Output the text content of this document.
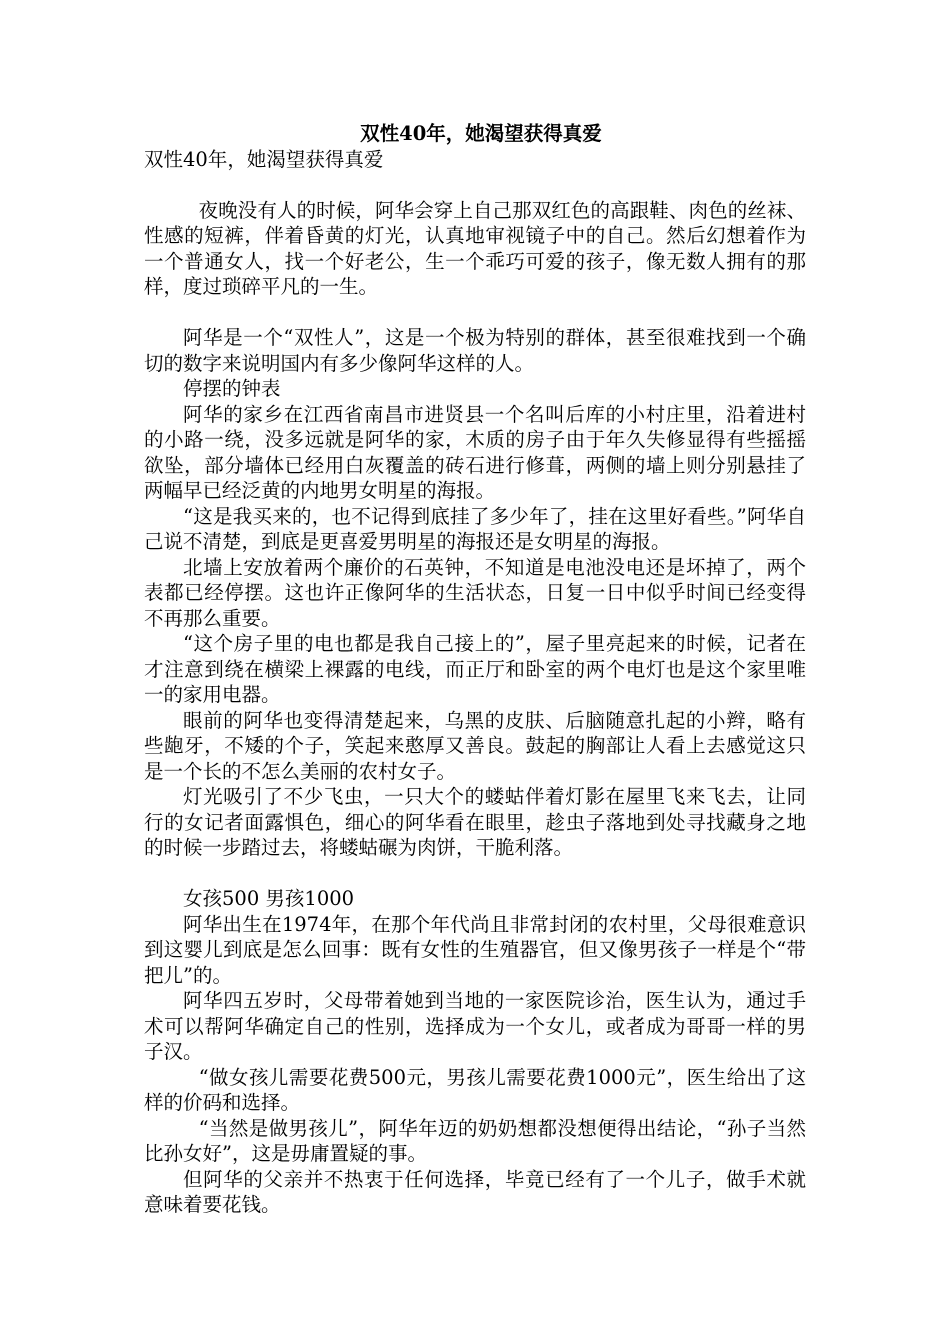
双性40年，她渴望获得真爱
双性40年，她渴望获得真爱

夜晚没有人的时候，阿华会穿上自己那双红色的高跟鞋、肉色的丝袜、性感的短裤，伴着昏黄的灯光，认真地审视镜子中的自己。然后幻想着作为一个普通女人，找一个好老公，生一个乖巧可爱的孩子，像无数人拥有的那样，度过琐碎平凡的一生。

阿华是一个“双性人”，这是一个极为特别的群体，甚至很难找到一个确切的数字来说明国内有多少像阿华这样的人。

停摆的钟表

阿华的家乡在江西省南昌市进贤县一个名叫后库的小村庄里，沿着进村的小路一绕，没多远就是阿华的家，木质的房子由于年久失修显得有些摇摇欲坠，部分墙体已经用白灰覆盖的砖石进行修葺，两侧的墙上则分别悬挂了两幅早已经泛黄的内地男女明星的海报。

“这是我买来的，也不记得到底挂了多少年了，挂在这里好看些。”阿华自己说不清楚，到底是更喜爱男明星的海报还是女明星的海报。

北墙上安放着两个廉价的石英钟，不知道是电池没电还是坏掉了，两个表都已经停摆。这也许正像阿华的生活状态，日复一日中似乎时间已经变得不再那么重要。

“这个房子里的电也都是我自己接上的”，屋子里亮起来的时候，记者在才注意到绕在横梁上裸露的电线，而正厅和卧室的两个电灯也是这个家里唯一的家用电器。

眼前的阿华也变得清楚起来，乌黑的皮肤、后脑随意扎起的小辫，略有些龅牙，不矮的个子，笑起来憨厚又善良。鼓起的胸部让人看上去感觉这只是一个长的不怎么美丽的农村女子。

灯光吸引了不少飞虫，一只大个的蝼蛄伴着灯影在屋里飞来飞去，让同行的女记者面露惧色，细心的阿华看在眼里，趁虫子落地到处寻找藏身之地的时候一步踏过去，将蝼蛄碾为肉饼，干脆利落。

女孩500 男孩1000

阿华出生在1974年，在那个年代尚且非常封闭的农村里，父母很难意识到这婴儿到底是怎么回事：既有女性的生殖器官，但又像男孩子一样是个“带把儿”的。

阿华四五岁时，父母带着她到当地的一家医院诊治，医生认为，通过手术可以帮阿华确定自己的性别，选择成为一个女儿，或者成为哥哥一样的男子汉。

“做女孩儿需要花费500元，男孩儿需要花费1000元”，医生给出了这样的价码和选择。

“当然是做男孩儿”，阿华年迈的奶奶想都没想便得出结论，“孙子当然比孙女好”，这是毋庸置疑的事。

但阿华的父亲并不热衷于任何选择，毕竟已经有了一个儿子，做手术就意味着要花钱。
